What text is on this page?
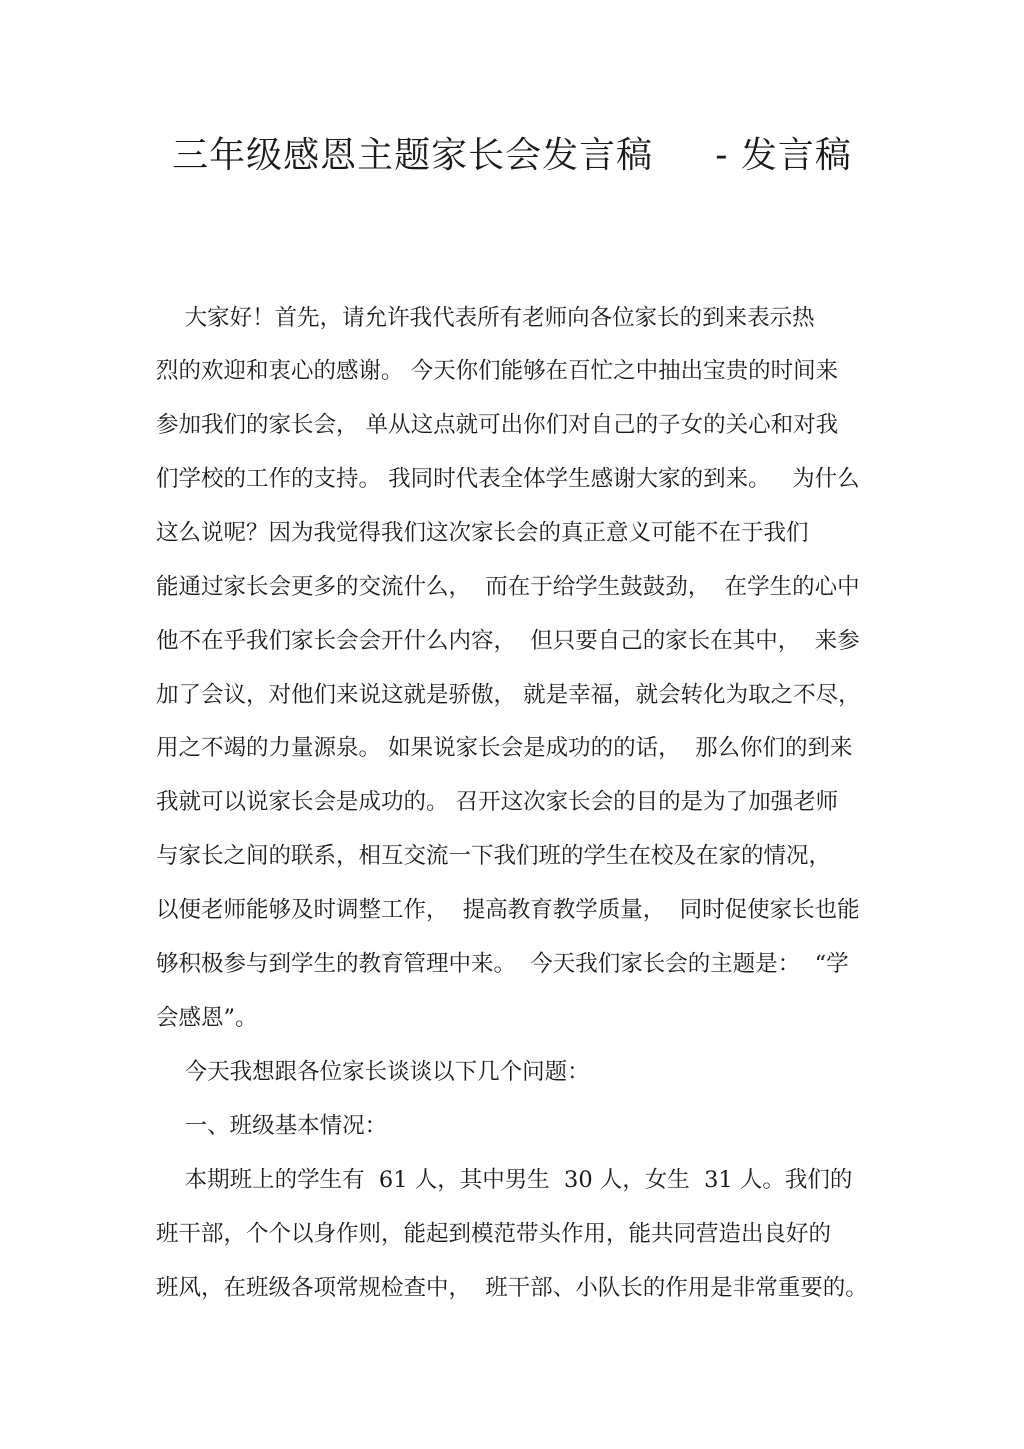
三年级感恩主题家长会发言稿     - 发言稿
大家好！首先，请允许我代表所有老师向各位家长的到来表示热
烈的欢迎和衷心的感谢。 今天你们能够在百忙之中抽出宝贵的时间来
参加我们的家长会， 单从这点就可出你们对自己的子女的关心和对我
们学校的工作的支持。 我同时代表全体学生感谢大家的到来。   为什么
这么说呢？因为我觉得我们这次家长会的真正意义可能不在于我们
能通过家长会更多的交流什么，  而在于给学生鼓鼓劲，  在学生的心中
他不在乎我们家长会会开什么内容，  但只要自己的家长在其中，  来参
加了会议，对他们来说这就是骄傲， 就是幸福，就会转化为取之不尽，
用之不竭的力量源泉。 如果说家长会是成功的的话，  那么你们的到来
我就可以说家长会是成功的。 召开这次家长会的目的是为了加强老师
与家长之间的联系，相互交流一下我们班的学生在校及在家的情况，
以便老师能够及时调整工作，  提高教育教学质量，  同时促使家长也能
够积极参与到学生的教育管理中来。  今天我们家长会的主题是：  “学
会感恩”。
今天我想跟各位家长谈谈以下几个问题：
一、班级基本情况：
本期班上的学生有  61 人，其中男生  30 人，女生  31 人。我们的
班干部，个个以身作则，能起到模范带头作用，能共同营造出良好的
班风，在班级各项常规检查中，  班干部、小队长的作用是非常重要的。
